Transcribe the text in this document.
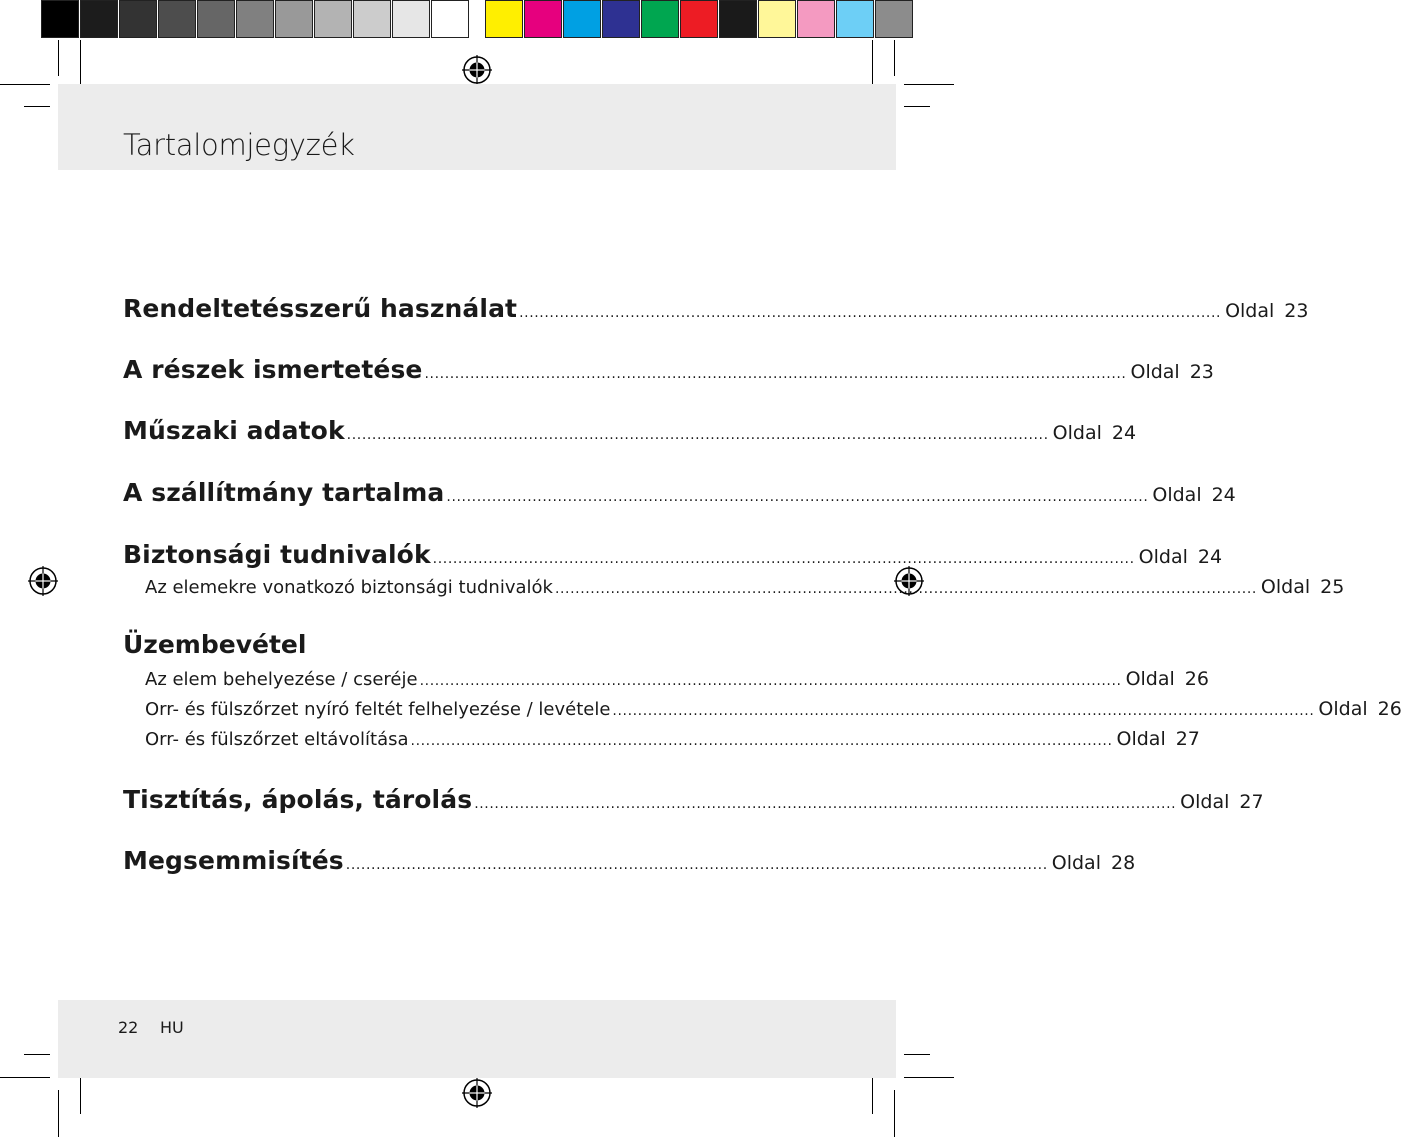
Tartalomjegyzék
Rendeltetésszerű használat ........................................................................................................................................... Oldal 23
A részek ismertetése ........................................................................................................................................... Oldal 23
Műszaki adatok ........................................................................................................................................... Oldal 24
A szállítmány tartalma ........................................................................................................................................... Oldal 24
Biztonsági tudnivalók ........................................................................................................................................... Oldal 24
Az elemekre vonatkozó biztonsági tudnivalók ........................................................................................................................................... Oldal 25
Üzembevétel
Az elem behelyezése / cseréje ........................................................................................................................................... Oldal 26
Orr- és fülszőrzet nyíró feltét felhelyezése / levétele ........................................................................................................................................... Oldal 26
Orr- és fülszőrzet eltávolítása ........................................................................................................................................... Oldal 27
Tisztítás, ápolás, tárolás ........................................................................................................................................... Oldal 27
Megsemmisítés ........................................................................................................................................... Oldal 28
22 HU
